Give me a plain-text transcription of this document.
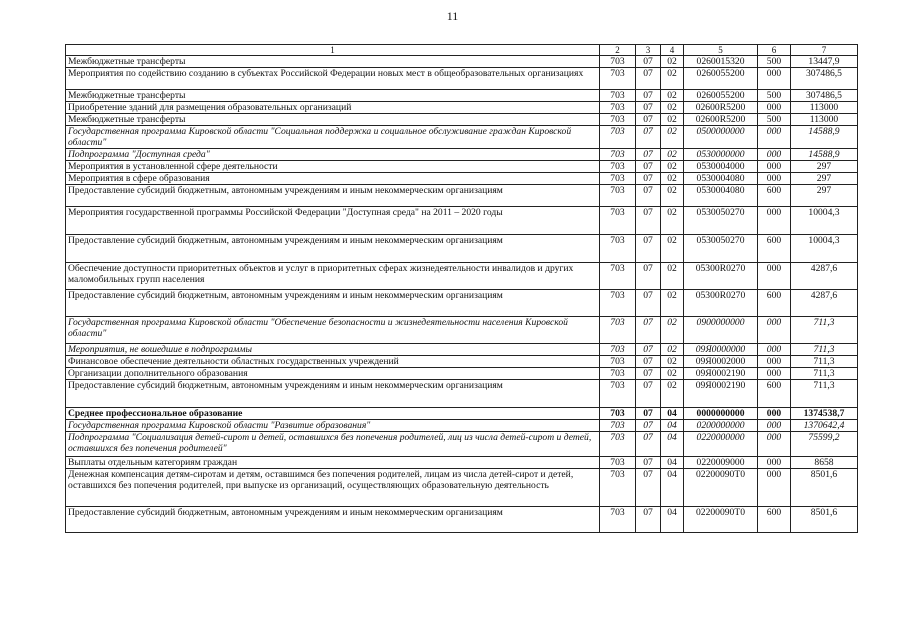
11
1	2	3	4	5	6	7
Межбюджетные трансферты	703	07	02	0260015320	500	13447,9
Мероприятия по содействию созданию в субъектах Российской Федерации новых мест в общеобразовательных организациях	703	07	02	0260055200	000	307486,5
Межбюджетные трансферты	703	07	02	0260055200	500	307486,5
Приобретение зданий для размещения образовательных организаций	703	07	02	02600R5200	000	113000
Межбюджетные трансферты	703	07	02	02600R5200	500	113000
Государственная программа Кировской области "Социальная поддержка и социальное обслуживание граждан Кировской области"	703	07	02	0500000000	000	14588,9
Подпрограмма "Доступная среда"	703	07	02	0530000000	000	14588,9
Мероприятия в установленной сфере деятельности	703	07	02	0530004000	000	297
Мероприятия в сфере образования	703	07	02	0530004080	000	297
Предоставление субсидий бюджетным, автономным учреждениям и иным некоммерческим организациям	703	07	02	0530004080	600	297
Мероприятия государственной программы Российской Федерации "Доступная среда" на 2011 – 2020 годы	703	07	02	0530050270	000	10004,3
Предоставление субсидий бюджетным, автономным учреждениям и иным некоммерческим организациям	703	07	02	0530050270	600	10004,3
Обеспечение доступности приоритетных объектов и услуг в приоритетных сферах жизнедеятельности инвалидов и других маломобильных групп населения	703	07	02	05300R0270	000	4287,6
Предоставление субсидий бюджетным, автономным учреждениям и иным некоммерческим организациям	703	07	02	05300R0270	600	4287,6
Государственная программа Кировской области "Обеспечение безопасности и жизнедеятельности населения Кировской области"	703	07	02	0900000000	000	711,3
Мероприятия, не вошедшие в подпрограммы	703	07	02	09Я0000000	000	711,3
Финансовое обеспечение деятельности областных государственных учреждений	703	07	02	09Я0002000	000	711,3
Организации дополнительного образования	703	07	02	09Я0002190	000	711,3
Предоставление субсидий бюджетным, автономным учреждениям и иным некоммерческим организациям	703	07	02	09Я0002190	600	711,3
Среднее профессиональное образование	703	07	04	0000000000	000	1374538,7
Государственная программа Кировской области "Развитие образования"	703	07	04	0200000000	000	1370642,4
Подпрограмма "Социализация детей-сирот и детей, оставшихся без попечения родителей, лиц из числа детей-сирот и детей, оставшихся без попечения родителей"	703	07	04	0220000000	000	75599,2
Выплаты отдельным категориям граждан	703	07	04	0220009000	000	8658
Денежная компенсация детям-сиротам и детям, оставшимся без попечения родителей, лицам из числа детей-сирот и детей, оставшихся без попечения родителей, при выпуске из организаций, осуществляющих образовательную деятельность	703	07	04	02200090Т0	000	8501,6
Предоставление субсидий бюджетным, автономным учреждениям и иным некоммерческим организациям	703	07	04	02200090Т0	600	8501,6
